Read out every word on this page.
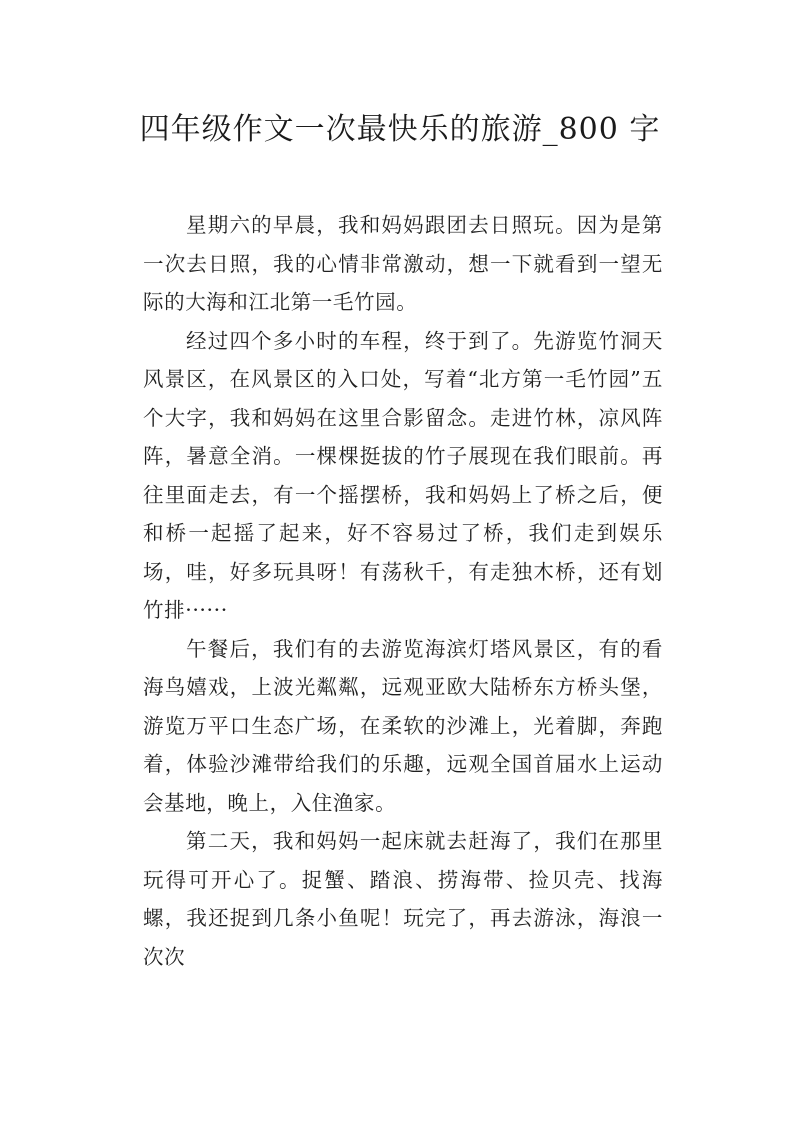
四年级作文一次最快乐的旅游_800 字

星期六的早晨，我和妈妈跟团去日照玩。因为是第一次去日照，我的心情非常激动，想一下就看到一望无际的大海和江北第一毛竹园。

经过四个多小时的车程，终于到了。先游览竹洞天风景区，在风景区的入口处，写着“北方第一毛竹园”五个大字，我和妈妈在这里合影留念。走进竹林，凉风阵阵，暑意全消。一棵棵挺拔的竹子展现在我们眼前。再往里面走去，有一个摇摆桥，我和妈妈上了桥之后，便和桥一起摇了起来，好不容易过了桥，我们走到娱乐场，哇，好多玩具呀！有荡秋千，有走独木桥，还有划竹排······

午餐后，我们有的去游览海滨灯塔风景区，有的看海鸟嬉戏，上波光粼粼，远观亚欧大陆桥东方桥头堡，游览万平口生态广场，在柔软的沙滩上，光着脚，奔跑着，体验沙滩带给我们的乐趣，远观全国首届水上运动会基地，晚上，入住渔家。

第二天，我和妈妈一起床就去赶海了，我们在那里玩得可开心了。捉蟹、踏浪、捞海带、捡贝壳、找海螺，我还捉到几条小鱼呢！玩完了，再去游泳，海浪一次次
